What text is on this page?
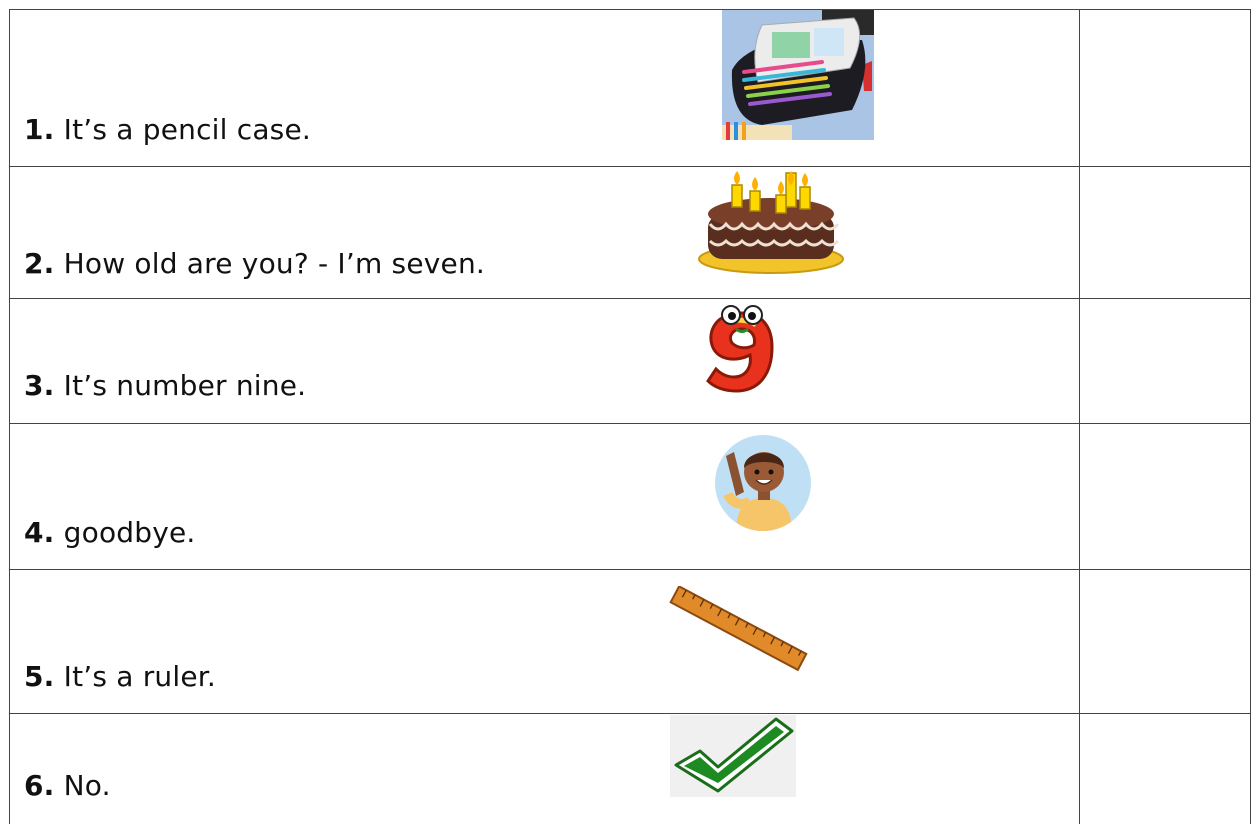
1. It’s a pencil case.
2. How old are you? - I’m seven.
3. It’s number nine.
4. goodbye.
5. It’s a ruler.
6. No.
